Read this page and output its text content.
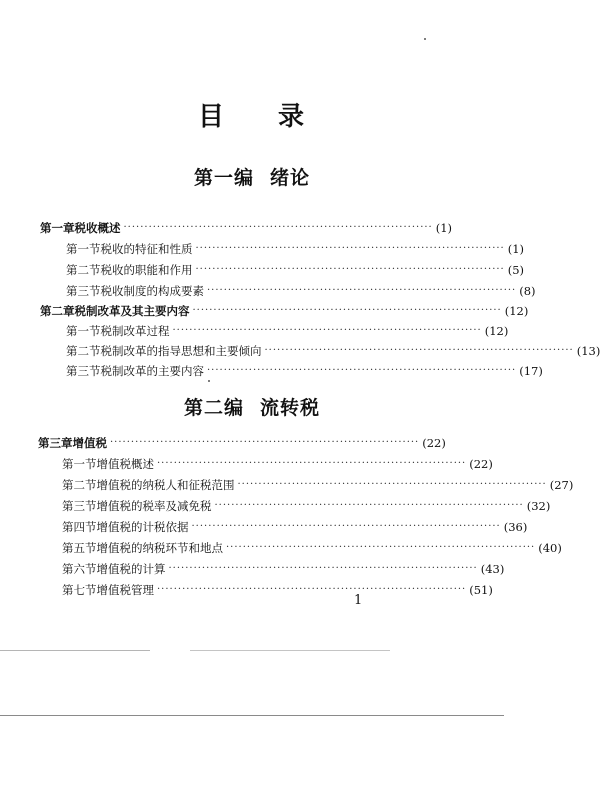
目 录
第一编 绪论
第二编 流转税
第一章 税收概述 ·········································································· (1)
第一节 税收的特征和性质 ·········································································· (1)
第二节 税收的职能和作用 ·········································································· (5)
第三节 税收制度的构成要素 ·········································································· (8)
第二章 税制改革及其主要内容 ·········································································· (12)
第一节 税制改革过程 ·········································································· (12)
第二节 税制改革的指导思想和主要倾向 ·········································································· (13)
第三节 税制改革的主要内容 ·········································································· (17)
第三章 增值税 ·········································································· (22)
第一节 增值税概述 ·········································································· (22)
第二节 增值税的纳税人和征税范围 ·········································································· (27)
第三节 增值税的税率及减免税 ·········································································· (32)
第四节 增值税的计税依据 ·········································································· (36)
第五节 增值税的纳税环节和地点 ·········································································· (40)
第六节 增值税的计算 ·········································································· (43)
第七节 增值税管理 ·········································································· (51)
1
